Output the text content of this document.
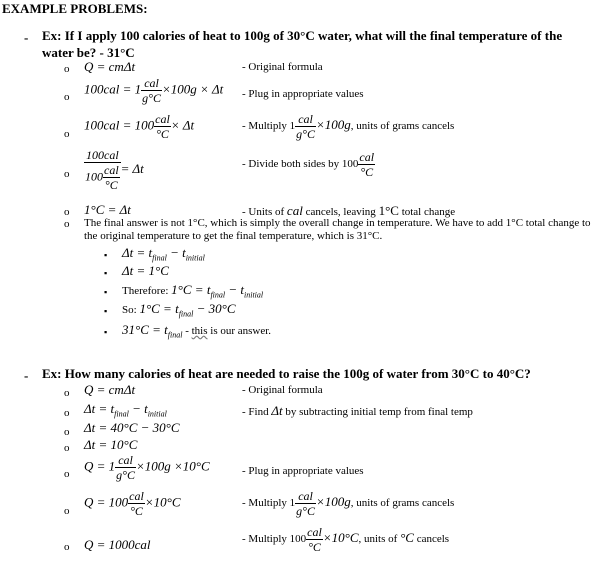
EXAMPLE PROBLEMS:
- Ex: If I apply 100 calories of heat to 100g of 30°C water, what will the final temperature of the water be? - 31°C
o Q = cmΔt	- Original formula
o
$100cal = 1 \frac{\text{cal}}{g^\circ C} \times 100g \times \Delta t$ - Plug in appropriate values
o
$100cal = 100 \frac{\text{cal}}{^\circ C} \times \Delta t$	- Multiply $1 \frac{\text{cal}}{g^\circ C} \times 100g$, units of grams cancels
o $\frac{\text{100cal}}{100 \frac{\text{cal}}{^\circ C}} = \Delta t$	- Divide both sides by $100 \frac{\text{cal}}{^\circ C}$
o 1°C = Δt	- Units of cal cancels, leaving 1°C total change
o The final answer is not 1°C, which is simply the overall change in temperature. We have to add 1°C total change to the original temperature to get the final temperature, which is 31°C.
▪ $\Delta t = t_{final} - t_{initial}$
▪ Δt = 1°C
▪ Therefore: $1^\circ C = t_{final} - t_{initial}$
▪ So: $1^\circ C = t_{final} - 30^\circ C$
▪ $31^\circ C = t_{final}$ - this is our answer.
- Ex: How many calories of heat are needed to raise the 100g of water from 30°C to 40°C?
o Q = cmΔt	- Original formula
o $\Delta t = t_{final} - t_{initial}$	- Find Δt by subtracting initial temp from final temp
o Δt = 40°C − 30°C
o Δt = 10°C
o
$Q = 1 \frac{\text{cal}}{g^\circ C} \times 100g \times 10^\circ C$	- Plug in appropriate values
o
$Q = 100 \frac{\text{cal}}{^\circ C} \times 10^\circ C$	- Multiply $1 \frac{\text{cal}}{g^\circ C} \times 100g$, units of grams cancels
o Q = 1000cal	- Multiply $100 \frac{\text{cal}}{^\circ C} \times 10^\circ C$, units of °C cancels
